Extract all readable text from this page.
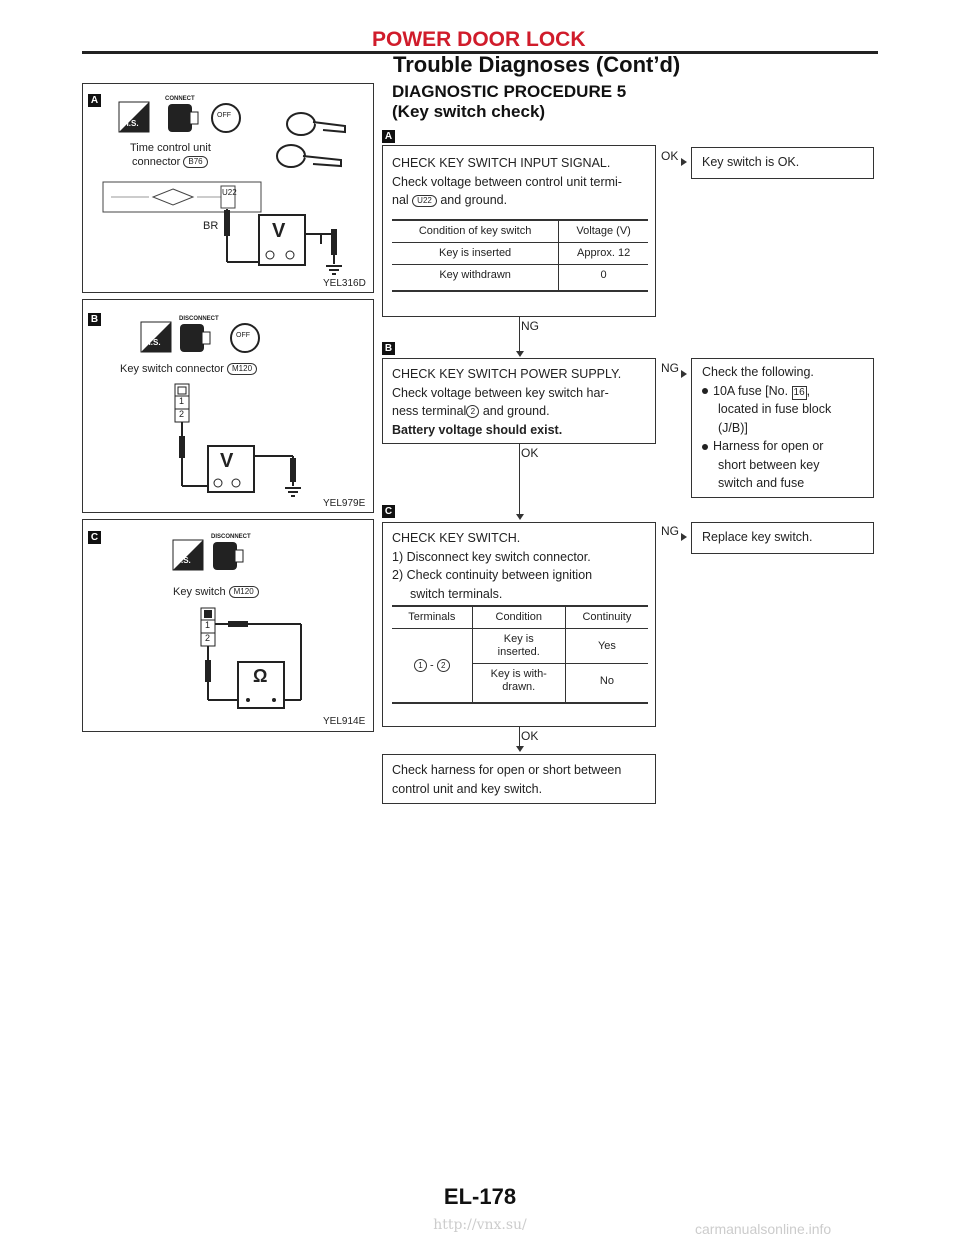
POWER DOOR LOCK
Trouble Diagnoses (Cont’d)
DIAGNOSTIC PROCEDURE 5
(Key switch check)
A
H.S.
CONNECT
OFF
Time control unit
connector B76
U22
BR	V
YEL316D
B
H.S.
DISCONNECT
OFF
Key switch connector M120
1
2
V
YEL979E
C
T.S.
DISCONNECT
Key switch M120
1
2
Ω
YEL914E
A
CHECK KEY SWITCH INPUT SIGNAL.
Check voltage between control unit termi-
nal U22 and ground.
Condition of key switch	Voltage (V)
Key is inserted	Approx. 12
Key withdrawn	0
OK	Key switch is OK.
NG
B
CHECK KEY SWITCH POWER SUPPLY.
Check voltage between key switch har-
ness terminal 2 and ground.
Battery voltage should exist.
NG Check the following.
10A fuse [No. 16 ,
located in fuse block
(J/B)]
Harness for open or
short between key
switch and fuse
OK
C
CHECK KEY SWITCH.
1) Disconnect key switch connector.
2) Check continuity between ignition
switch terminals.
Terminals	Condition	Continuity
1 - 2	Key is
inserted.	Yes

	Key is with-
drawn.	No
NG	Replace key switch.
OK
Check harness for open or short between
control unit and key switch.
EL-178
http://vnx.su/	carmanualsonline.info
